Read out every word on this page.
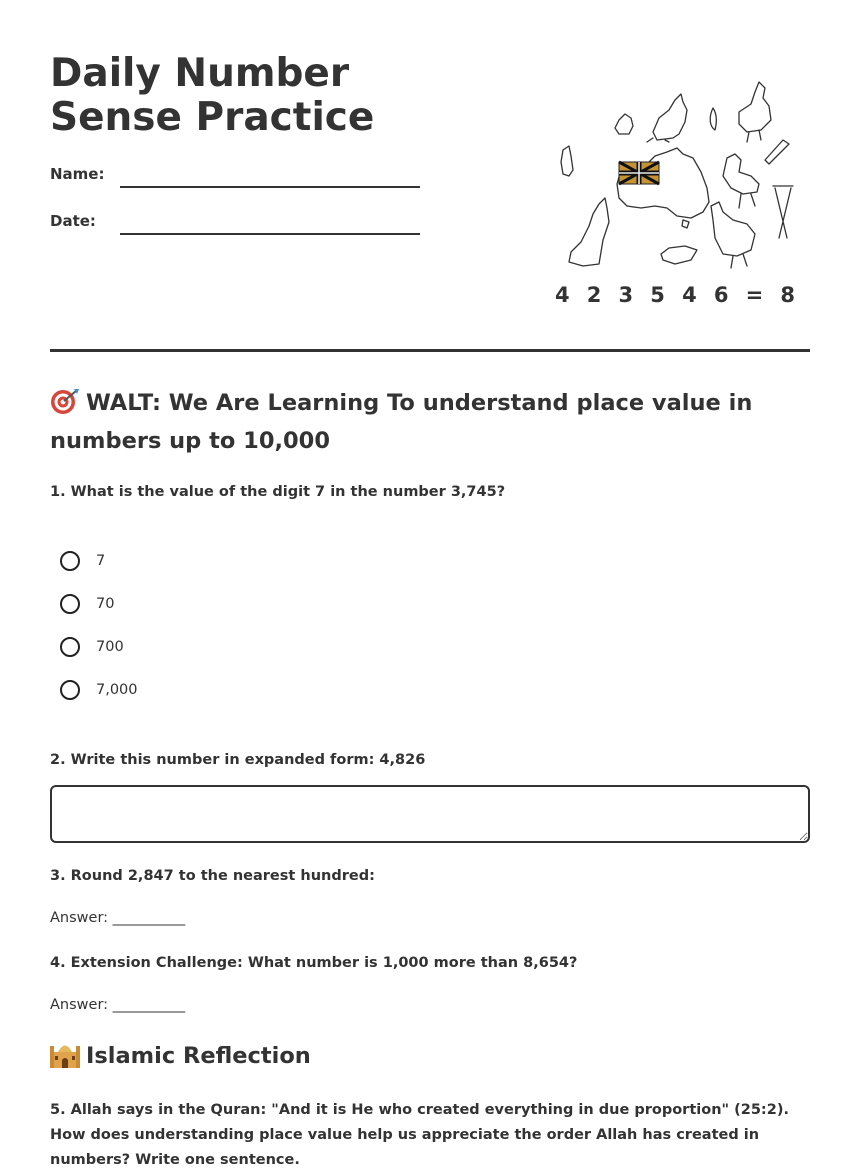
Daily Number Sense Practice
Name:
Date:
4 2 3 5 4 6 = 8
WALT: We Are Learning To understand place value in numbers up to 10,000

1. What is the value of the digit 7 in the number 3,745?

7
70
700
7,000

2. Write this number in expanded form: 4,826

3. Round 2,847 to the nearest hundred:

Answer: __________

4. Extension Challenge: What number is 1,000 more than 8,654?

Answer: __________
Islamic Reflection

5. Allah says in the Quran: "And it is He who created everything in due proportion" (25:2). How does understanding place value help us appreciate the order Allah has created in numbers? Write one sentence.
